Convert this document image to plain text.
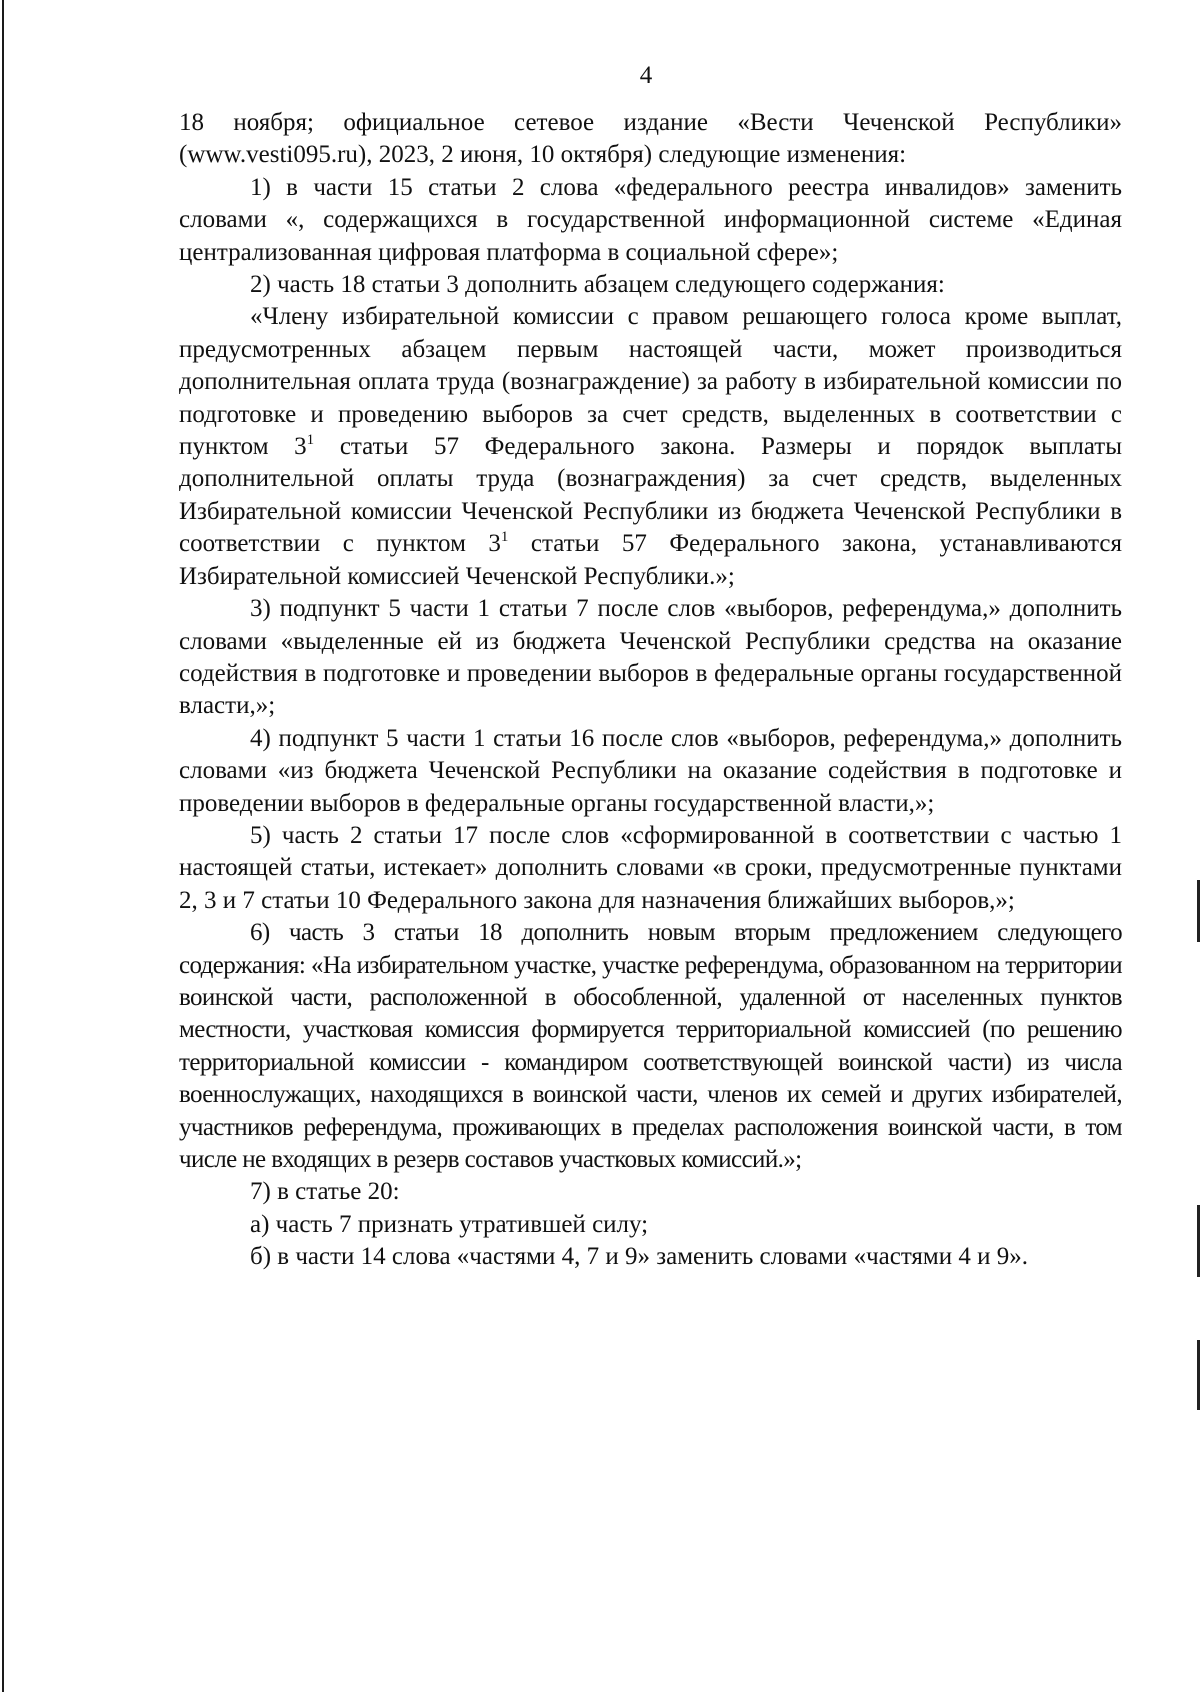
4

18 ноября; официальное сетевое издание «Вести Чеченской Республики» (www.vesti095.ru), 2023, 2 июня, 10 октября) следующие изменения:

1) в части 15 статьи 2 слова «федерального реестра инвалидов» заменить словами «, содержащихся в государственной информационной системе «Единая централизованная цифровая платформа в социальной сфере»;

2) часть 18 статьи 3 дополнить абзацем следующего содержания:

«Члену избирательной комиссии с правом решающего голоса кроме выплат, предусмотренных абзацем первым настоящей части, может производиться дополнительная оплата труда (вознаграждение) за работу в избирательной комиссии по подготовке и проведению выборов за счет средств, выделенных в соответствии с пунктом $3^1$ статьи 57 Федерального закона. Размеры и порядок выплаты дополнительной оплаты труда (вознаграждения) за счет средств, выделенных Избирательной комиссии Чеченской Республики из бюджета Чеченской Республики в соответствии с пунктом $3^1$ статьи 57 Федерального закона, устанавливаются Избирательной комиссией Чеченской Республики.»;

3) подпункт 5 части 1 статьи 7 после слов «выборов, референдума,» дополнить словами «выделенные ей из бюджета Чеченской Республики средства на оказание содействия в подготовке и проведении выборов в федеральные органы государственной власти,»;

4) подпункт 5 части 1 статьи 16 после слов «выборов, референдума,» дополнить словами «из бюджета Чеченской Республики на оказание содействия в подготовке и проведении выборов в федеральные органы государственной власти,»;

5) часть 2 статьи 17 после слов «сформированной в соответствии с частью 1 настоящей статьи, истекает» дополнить словами «в сроки, предусмотренные пунктами 2, 3 и 7 статьи 10 Федерального закона для назначения ближайших выборов,»;

6) часть 3 статьи 18 дополнить новым вторым предложением следующего содержания: «На избирательном участке, участке референдума, образованном на территории воинской части, расположенной в обособленной, удаленной от населенных пунктов местности, участковая комиссия формируется территориальной комиссией (по решению территориальной комиссии - командиром соответствующей воинской части) из числа военнослужащих, находящихся в воинской части, членов их семей и других избирателей, участников референдума, проживающих в пределах расположения воинской части, в том числе не входящих в резерв составов участковых комиссий.»;

7) в статье 20:

а) часть 7 признать утратившей силу;

б) в части 14 слова «частями 4, 7 и 9» заменить словами «частями 4 и 9».
